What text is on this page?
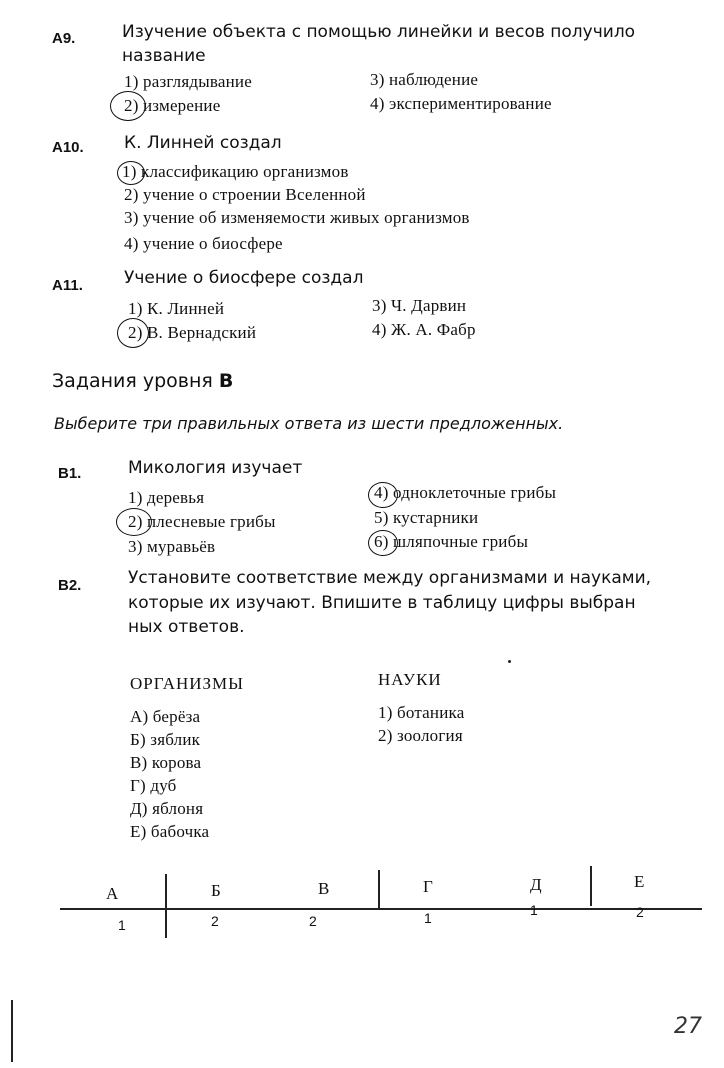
А9.	Изучение объекта с помощью линейки и весов получило
название
1) разглядывание
2) измерение
3) наблюдение
4) экспериментирование
А10. К. Линней создал
1) классификацию организмов
2) учение о строении Вселенной
3) учение об изменяемости живых организмов
4) учение о биосфере
А11. Учение о биосфере создал
1) К. Линней
2) В. Вернадский
3) Ч. Дарвин
4) Ж. А. Фабр
Задания уровня В
Выберите три правильных ответа из шести предложенных.
В1.	Микология изучает
1) деревья
2) плесневые грибы
3) муравьёв
4) одноклеточные грибы
5) кустарники
6) шляпочные грибы
В2.	Установите соответствие между организмами и науками,
которые их изучают. Впишите в таблицу цифры выбран
ных ответов.
ОРГАНИЗМЫ	НАУКИ
А) берёза
Б) зяблик
В) корова
Г) дуб
Д) яблоня
Е) бабочка
1) ботаника
2) зоология
А	Б	В	Г	Д	Е
1	2	2	1	1	2
27
